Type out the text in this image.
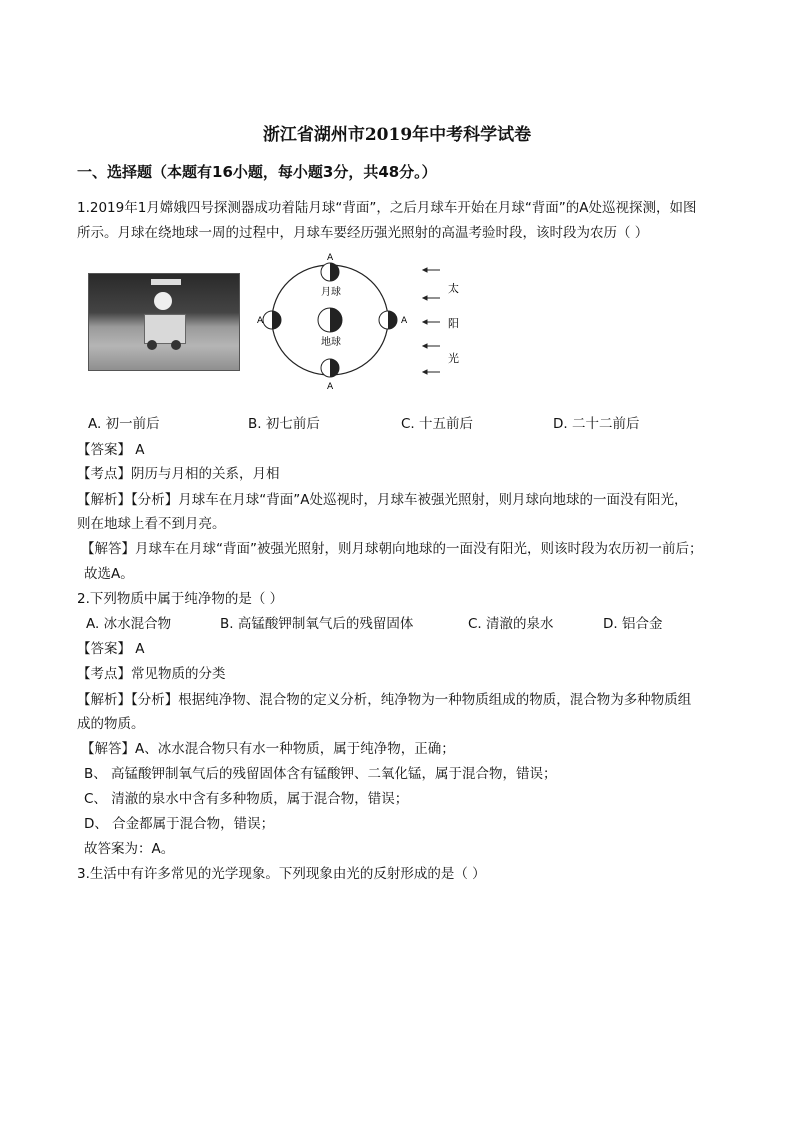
浙江省湖州市2019年中考科学试卷
一、选择题（本题有16小题，每小题3分，共48分。）
1.2019年1月嫦娥四号探测器成功着陆月球“背面”，之后月球车开始在月球“背面”的A处巡视探测，如图
所示。月球在绕地球一周的过程中，月球车要经历强光照射的高温考验时段，该时段为农历（ ）
月球
地球
A
A
A	A
太
阳
光
A. 初一前后	B. 初七前后	C. 十五前后	D. 二十二前后
【答案】 A
【考点】阴历与月相的关系，月相
【解析】【分析】月球车在月球“背面”A处巡视时，月球车被强光照射，则月球向地球的一面没有阳光，
则在地球上看不到月亮。
【解答】月球车在月球“背面”被强光照射，则月球朝向地球的一面没有阳光，则该时段为农历初一前后；
故选A。
2.下列物质中属于纯净物的是（ ）
A. 冰水混合物	B. 高锰酸钾制氧气后的残留固体	C. 清澈的泉水	D. 铝合金
【答案】 A
【考点】常见物质的分类
【解析】【分析】根据纯净物、混合物的定义分析，纯净物为一种物质组成的物质，混合物为多种物质组
成的物质。
【解答】A、冰水混合物只有水一种物质，属于纯净物，正确；
B、 高锰酸钾制氧气后的残留固体含有锰酸钾、二氧化锰，属于混合物，错误；
C、 清澈的泉水中含有多种物质，属于混合物，错误；
D、 合金都属于混合物，错误；
故答案为：A。
3.生活中有许多常见的光学现象。下列现象由光的反射形成的是（ ）
